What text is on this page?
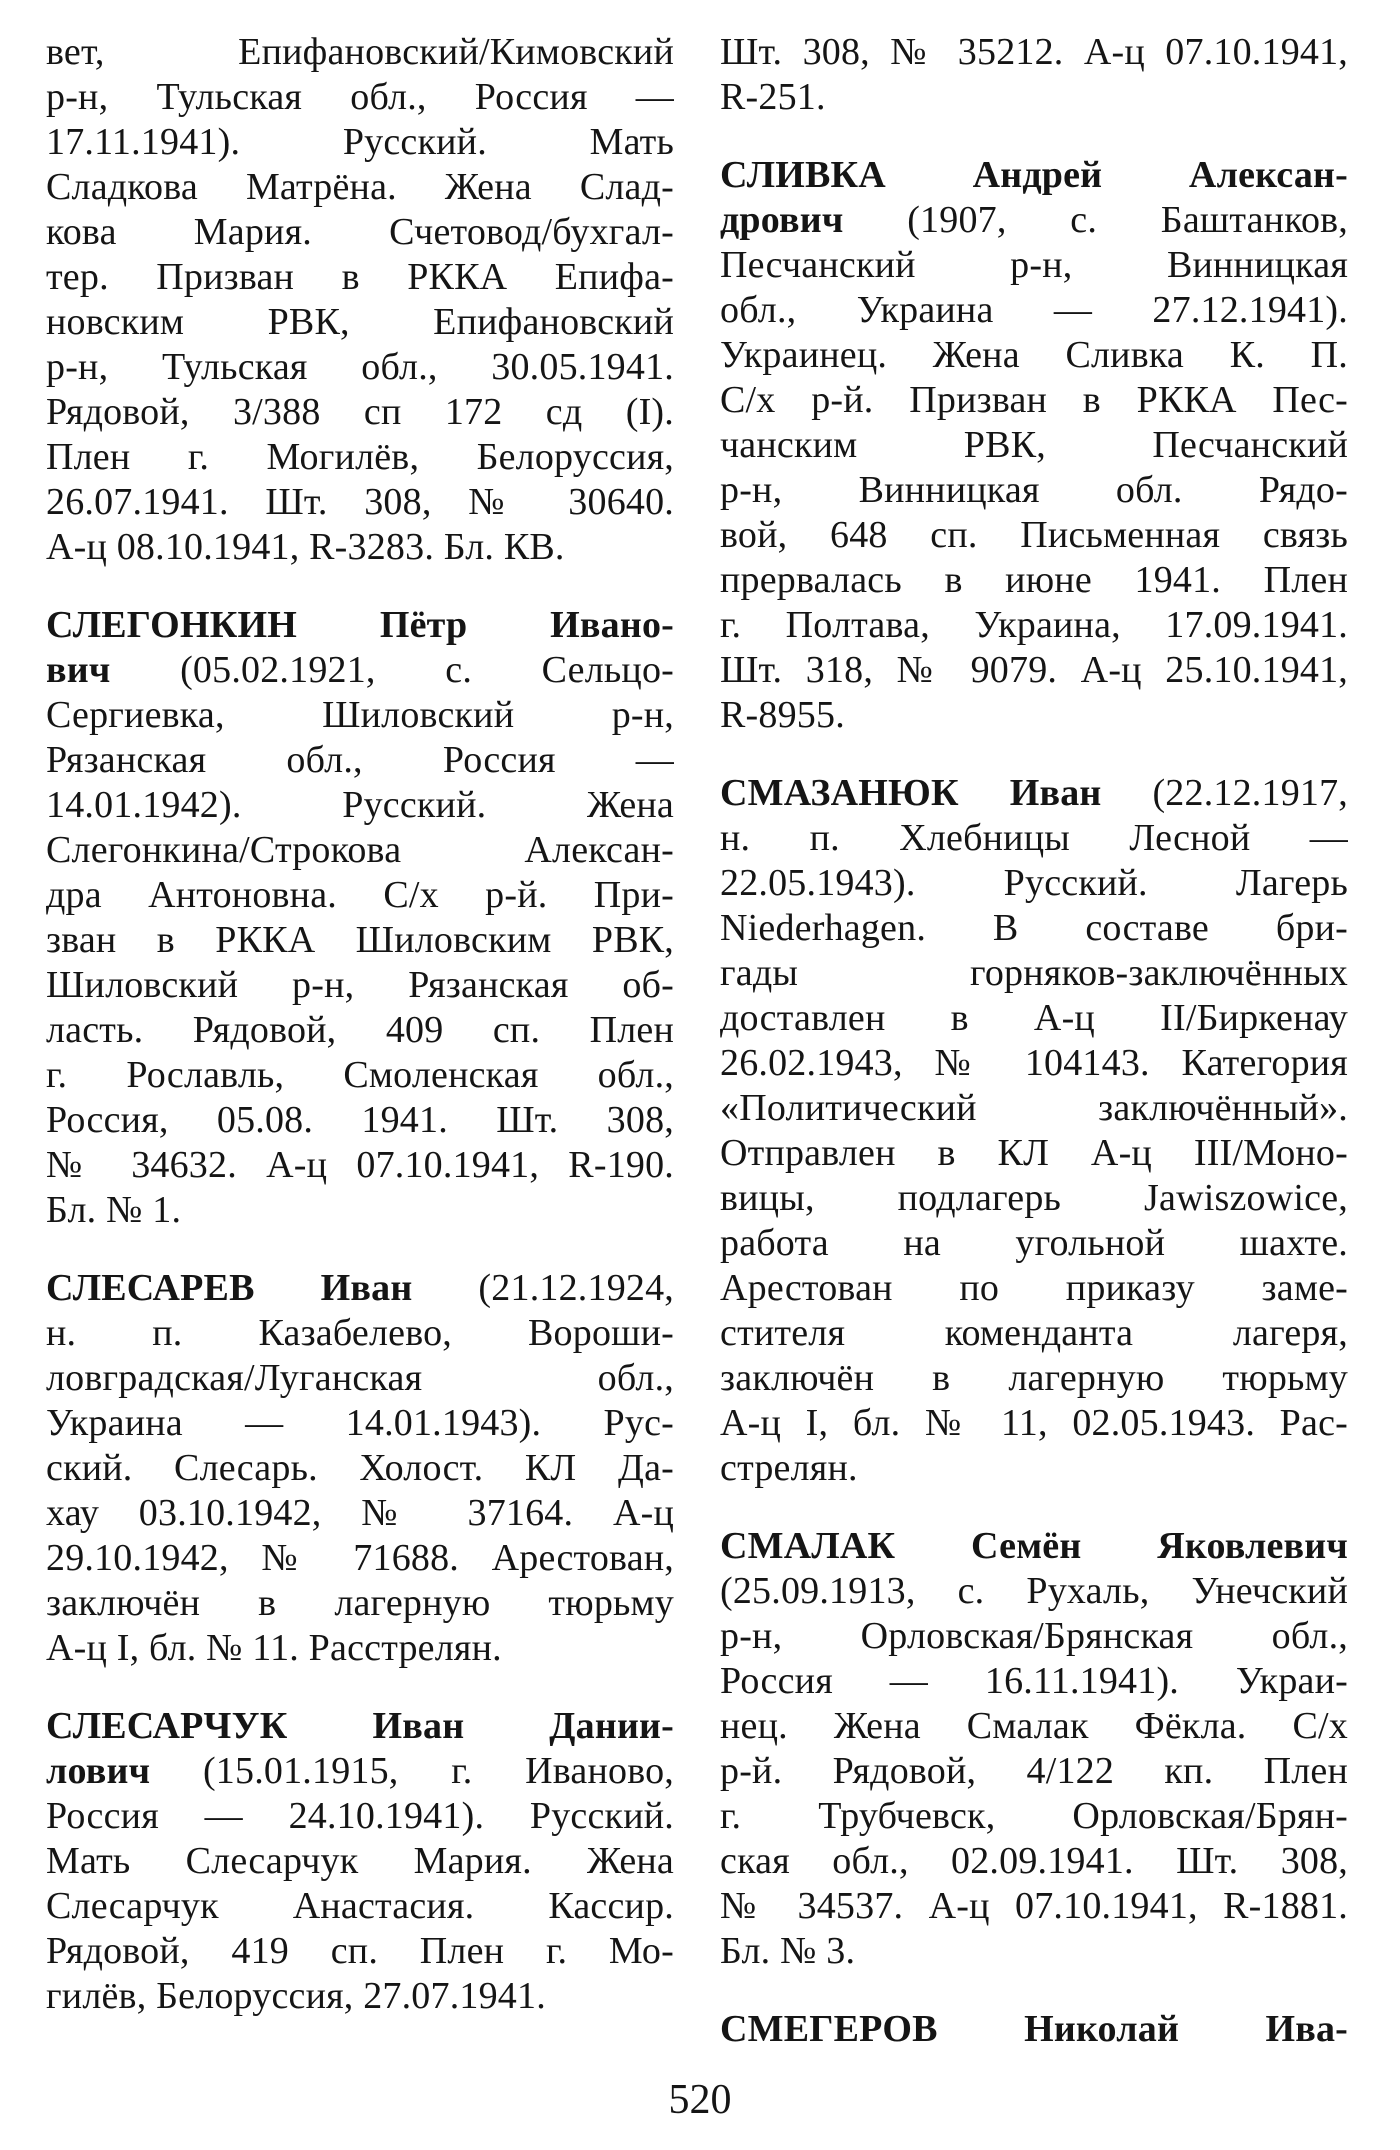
вет, Епифановский/Кимовский
р-н, Тульская обл., Россия —
17.11.1941). Русский. Мать
Сладкова Матрёна. Жена Слад-
кова Мария. Счетовод/бухгал-
тер. Призван в РККА Епифа-
новским РВК, Епифановский
р-н, Тульская обл., 30.05.1941.
Рядовой, 3/388 сп 172 сд (I).
Плен г. Могилёв, Белоруссия,
26.07.1941. Шт. 308, № 30640.
А-ц 08.10.1941, R-3283. Бл. КВ.
СЛЕГОНКИН Пётр Ивано-
вич (05.02.1921, с. Сельцо-
Сергиевка, Шиловский р-н,
Рязанская обл., Россия —
14.01.1942). Русский. Жена
Слегонкина/Строкова Алексан-
дра Антоновна. С/х р-й. При-
зван в РККА Шиловским РВК,
Шиловский р-н, Рязанская об-
ласть. Рядовой, 409 сп. Плен
г. Рославль, Смоленская обл.,
Россия, 05.08. 1941. Шт. 308,
№ 34632. А-ц 07.10.1941, R-190.
Бл. № 1.
СЛЕСАРЕВ Иван (21.12.1924,
н. п. Казабелево, Вороши-
ловградская/Луганская обл.,
Украина — 14.01.1943). Рус-
ский. Слесарь. Холост. КЛ Да-
хау 03.10.1942, № 37164. А-ц
29.10.1942, № 71688. Арестован,
заключён в лагерную тюрьму
А-ц I, бл. № 11. Расстрелян.
СЛЕСАРЧУК Иван Дании-
лович (15.01.1915, г. Иваново,
Россия — 24.10.1941). Русский.
Мать Слесарчук Мария. Жена
Слесарчук Анастасия. Кассир.
Рядовой, 419 сп. Плен г. Мо-
гилёв, Белоруссия, 27.07.1941.
Шт. 308, № 35212. А-ц 07.10.1941,
R-251.
СЛИВКА Андрей Алексан-
дрович (1907, с. Баштанков,
Песчанский р-н, Винницкая
обл., Украина — 27.12.1941).
Украинец. Жена Сливка К. П.
С/х р-й. Призван в РККА Пес-
чанским РВК, Песчанский
р-н, Винницкая обл. Рядо-
вой, 648 сп. Письменная связь
прервалась в июне 1941. Плен
г. Полтава, Украина, 17.09.1941.
Шт. 318, № 9079. А-ц 25.10.1941,
R-8955.
СМАЗАНЮК Иван (22.12.1917,
н. п. Хлебницы Лесной —
22.05.1943). Русский. Лагерь
Niederhagen. В составе бри-
гады горняков-заключённых
доставлен в А-ц II/Биркенау
26.02.1943, № 104143. Категория
«Политический заключённый».
Отправлен в КЛ А-ц III/Моно-
вицы, подлагерь Jawiszowice,
работа на угольной шахте.
Арестован по приказу заме-
стителя коменданта лагеря,
заключён в лагерную тюрьму
А-ц I, бл. № 11, 02.05.1943. Рас-
стрелян.
СМАЛАК Семён Яковлевич
(25.09.1913, с. Рухаль, Унечский
р-н, Орловская/Брянская обл.,
Россия — 16.11.1941). Украи-
нец. Жена Смалак Фёкла. С/х
р-й. Рядовой, 4/122 кп. Плен
г. Трубчевск, Орловская/Брян-
ская обл., 02.09.1941. Шт. 308,
№ 34537. А-ц 07.10.1941, R-1881.
Бл. № 3.
СМЕГЕРОВ Николай Ива-
520
